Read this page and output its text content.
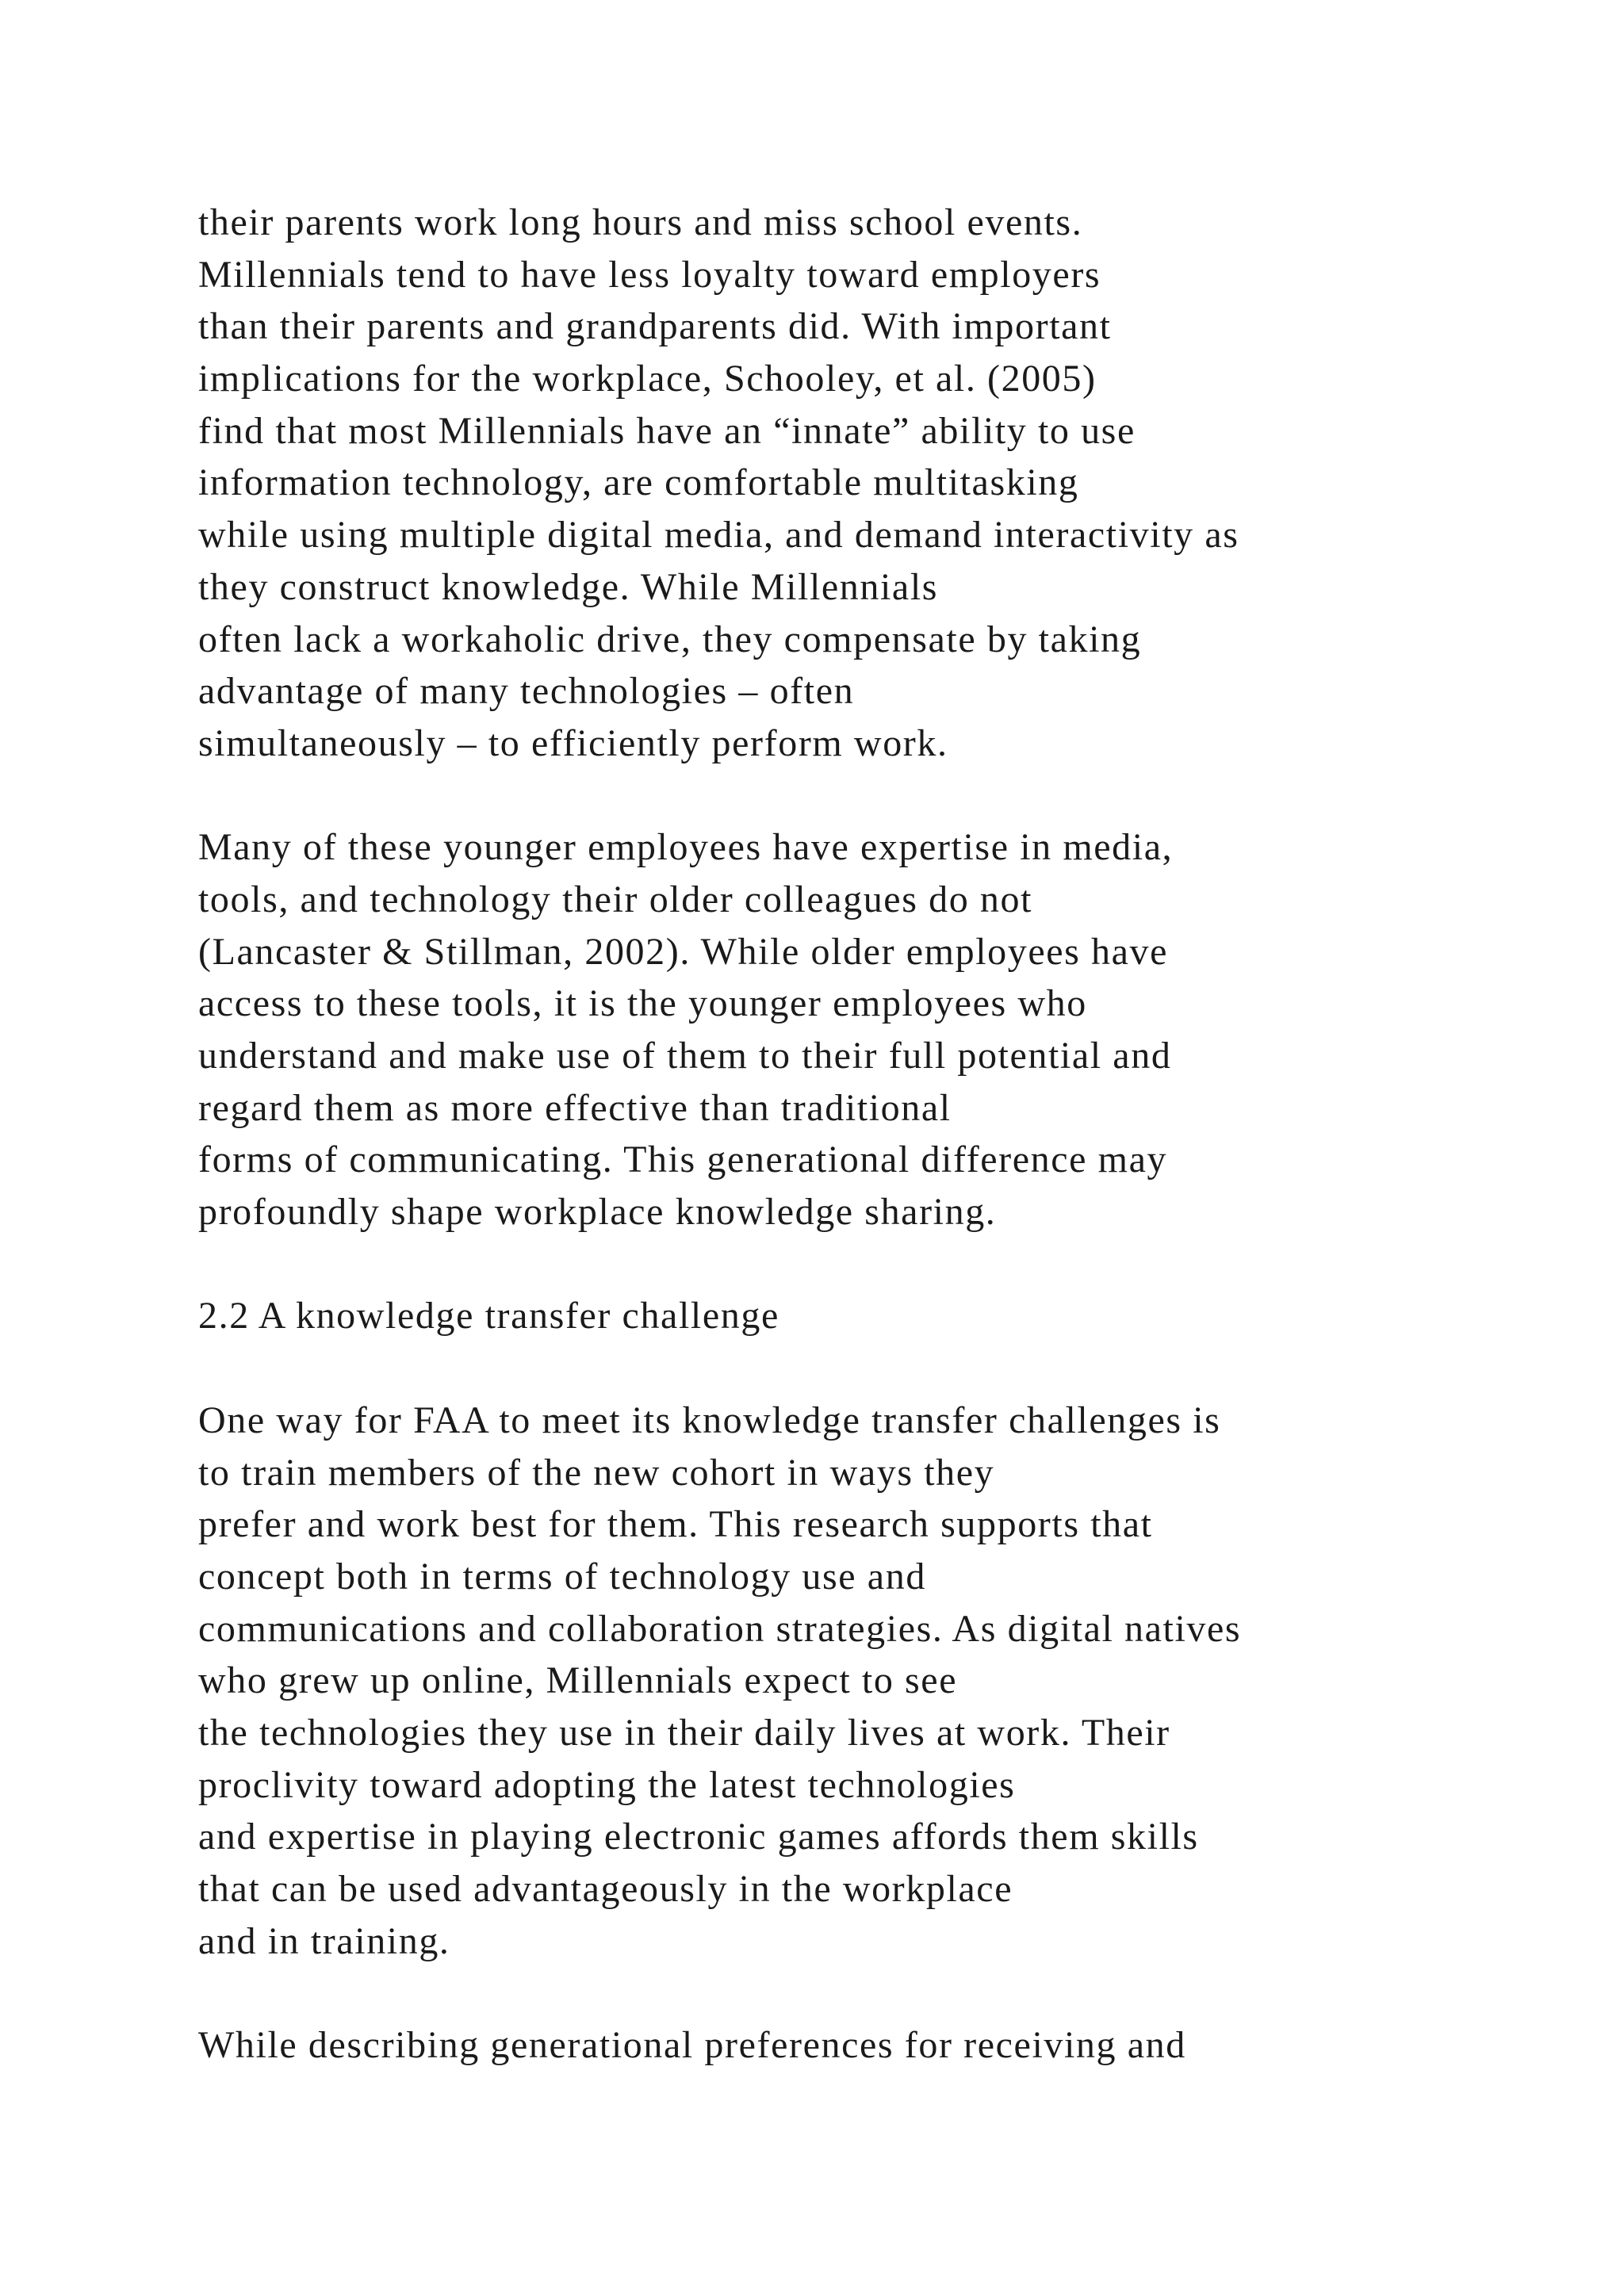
their parents work long hours and miss school events.
Millennials tend to have less loyalty toward employers
than their parents and grandparents did. With important
implications for the workplace, Schooley, et al. (2005)
find that most Millennials have an “innate” ability to use
information technology, are comfortable multitasking
while using multiple digital media, and demand interactivity as
they construct knowledge. While Millennials
often lack a workaholic drive, they compensate by taking
advantage of many technologies – often
simultaneously – to efficiently perform work.
Many of these younger employees have expertise in media,
tools, and technology their older colleagues do not
(Lancaster & Stillman, 2002). While older employees have
access to these tools, it is the younger employees who
understand and make use of them to their full potential and
regard them as more effective than traditional
forms of communicating. This generational difference may
profoundly shape workplace knowledge sharing.
2.2 A knowledge transfer challenge
One way for FAA to meet its knowledge transfer challenges is
to train members of the new cohort in ways they
prefer and work best for them. This research supports that
concept both in terms of technology use and
communications and collaboration strategies. As digital natives
who grew up online, Millennials expect to see
the technologies they use in their daily lives at work. Their
proclivity toward adopting the latest technologies
and expertise in playing electronic games affords them skills
that can be used advantageously in the workplace
and in training.
While describing generational preferences for receiving and
